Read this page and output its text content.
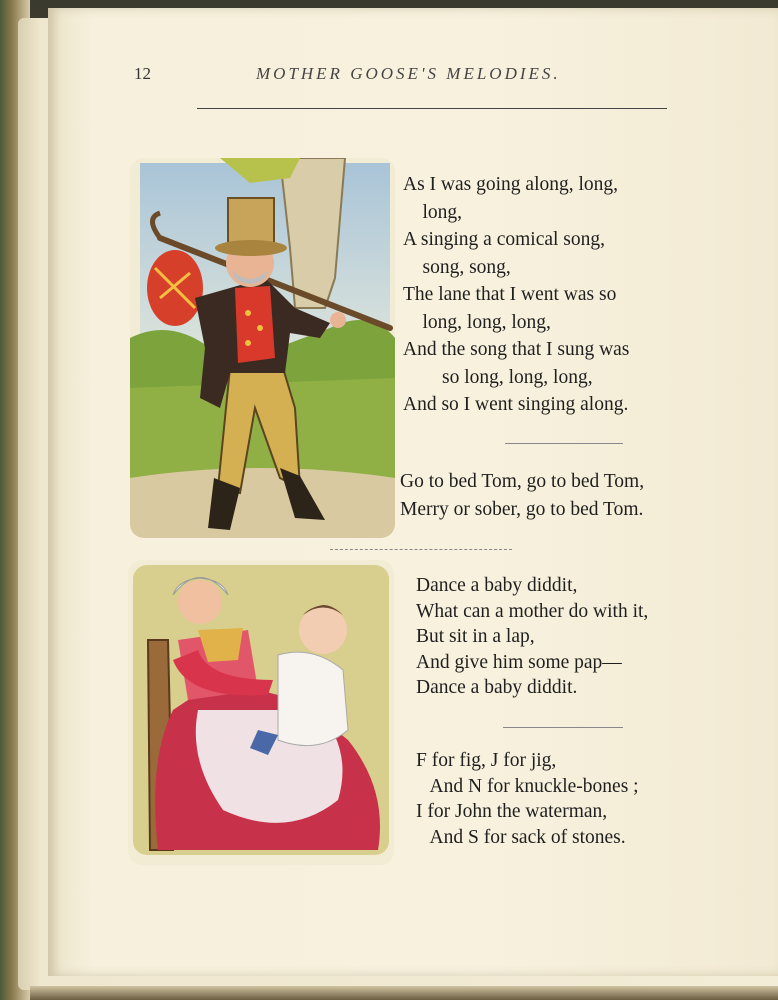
12	MOTHER GOOSE'S MELODIES.
As I was going along, long,
long,
A singing a comical song,
song, song,
The lane that I went was so
long, long, long,
And the song that I sung was
so long, long, long,
And so I went singing along.
Go to bed Tom, go to bed Tom,
Merry or sober, go to bed Tom.
Dance a baby diddit,
What can a mother do with it,
But sit in a lap,
And give him some pap—
Dance a baby diddit.
F for fig, J for jig,
And N for knuckle-bones ;
I for John the waterman,
And S for sack of stones.
